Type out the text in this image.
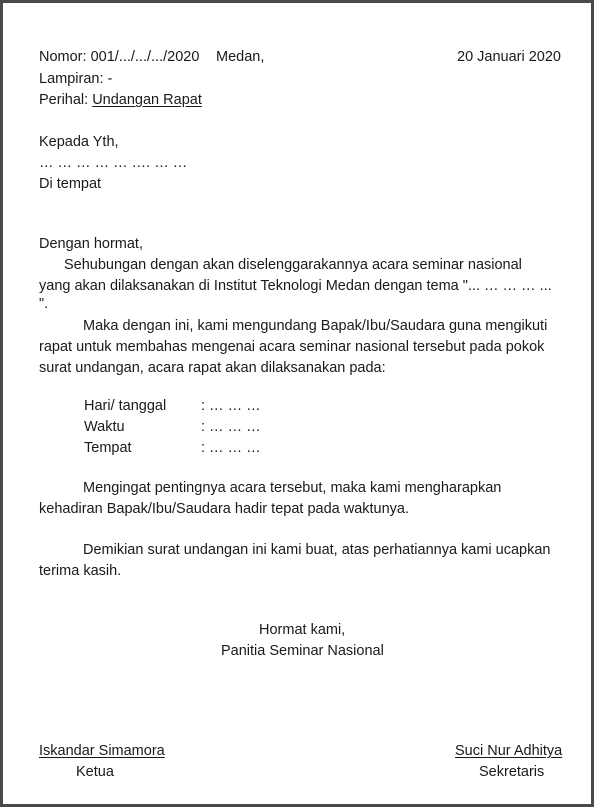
Nomor: 001/.../.../.../2020 Medan,	20 Januari 2020
Lampiran: -
Perihal: Undangan Rapat
Kepada Yth,
… … … … … …. … …
Di tempat
Dengan hormat,
Sehubungan dengan akan diselenggarakannya acara seminar nasional
yang akan dilaksanakan di Institut Teknologi Medan dengan tema "... … … … ...
".
Maka dengan ini, kami mengundang Bapak/Ibu/Saudara guna mengikuti
rapat untuk membahas mengenai acara seminar nasional tersebut pada pokok
surat undangan, acara rapat akan dilaksanakan pada:
Hari/ tanggal : … … …
Waktu	: … … …
Tempat	: … … …
Mengingat pentingnya acara tersebut, maka kami mengharapkan
kehadiran Bapak/Ibu/Saudara hadir tepat pada waktunya.
Demikian surat undangan ini kami buat, atas perhatiannya kami ucapkan
terima kasih.
Hormat kami,
Panitia Seminar Nasional
Iskandar Simamora
Ketua
Suci Nur Adhitya
Sekretaris
